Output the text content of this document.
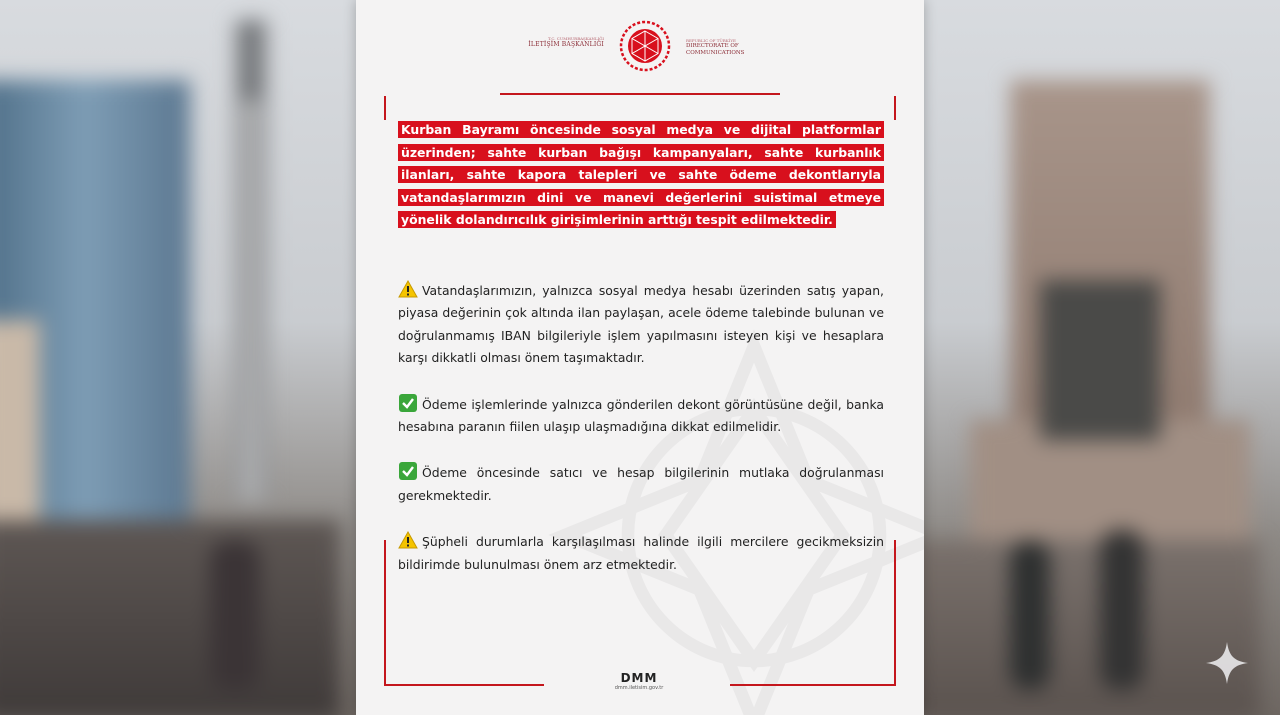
T.C. CUMHURBAŞKANLIĞI
İLETİŞİM BAŞKANLIĞI
REPUBLIC OF TÜRKİYE
DIRECTORATE OF
COMMUNICATIONS

Kurban Bayramı öncesinde sosyal medya ve dijital platformlar üzerinden; sahte kurban bağışı kampanyaları, sahte kurbanlık ilanları, sahte kapora talepleri ve sahte ödeme dekontlarıyla vatandaşlarımızın dini ve manevi değerlerini suistimal etmeye yönelik dolandırıcılık girişimlerinin arttığı tespit edilmektedir.

Vatandaşlarımızın, yalnızca sosyal medya hesabı üzerinden satış yapan, piyasa değerinin çok altında ilan paylaşan, acele ödeme talebinde bulunan ve doğrulanmamış IBAN bilgileriyle işlem yapılmasını isteyen kişi ve hesaplara karşı dikkatli olması önem taşımaktadır.

Ödeme işlemlerinde yalnızca gönderilen dekont görüntüsüne değil, banka hesabına paranın fiilen ulaşıp ulaşmadığına dikkat edilmelidir.

Ödeme öncesinde satıcı ve hesap bilgilerinin mutlaka doğrulanması gerekmektedir.

Şüpheli durumlarla karşılaşılması halinde ilgili mercilere gecikmeksizin bildirimde bulunulması önem arz etmektedir.

DMM
dmm.iletisim.gov.tr
